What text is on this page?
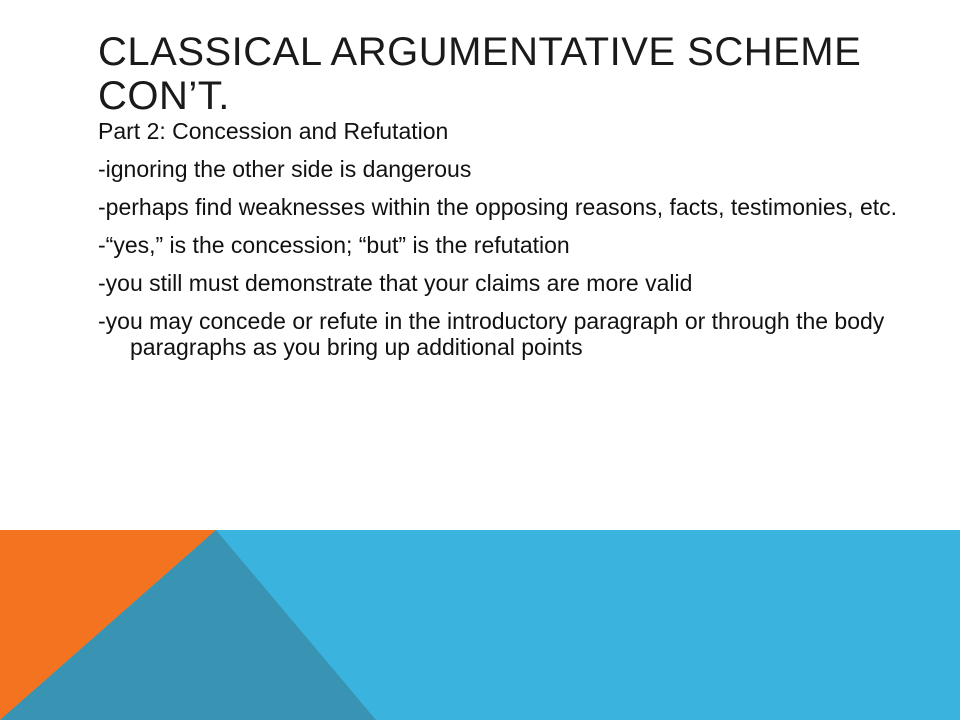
CLASSICAL ARGUMENTATIVE SCHEME
CON’T.
Part 2: Concession and Refutation
-ignoring the other side is dangerous
-perhaps find weaknesses within the opposing reasons, facts, testimonies, etc.
-“yes,” is the concession; “but” is the refutation
-you still must demonstrate that your claims are more valid
-you may concede or refute in the introductory paragraph or through the body paragraphs as you bring up additional points
